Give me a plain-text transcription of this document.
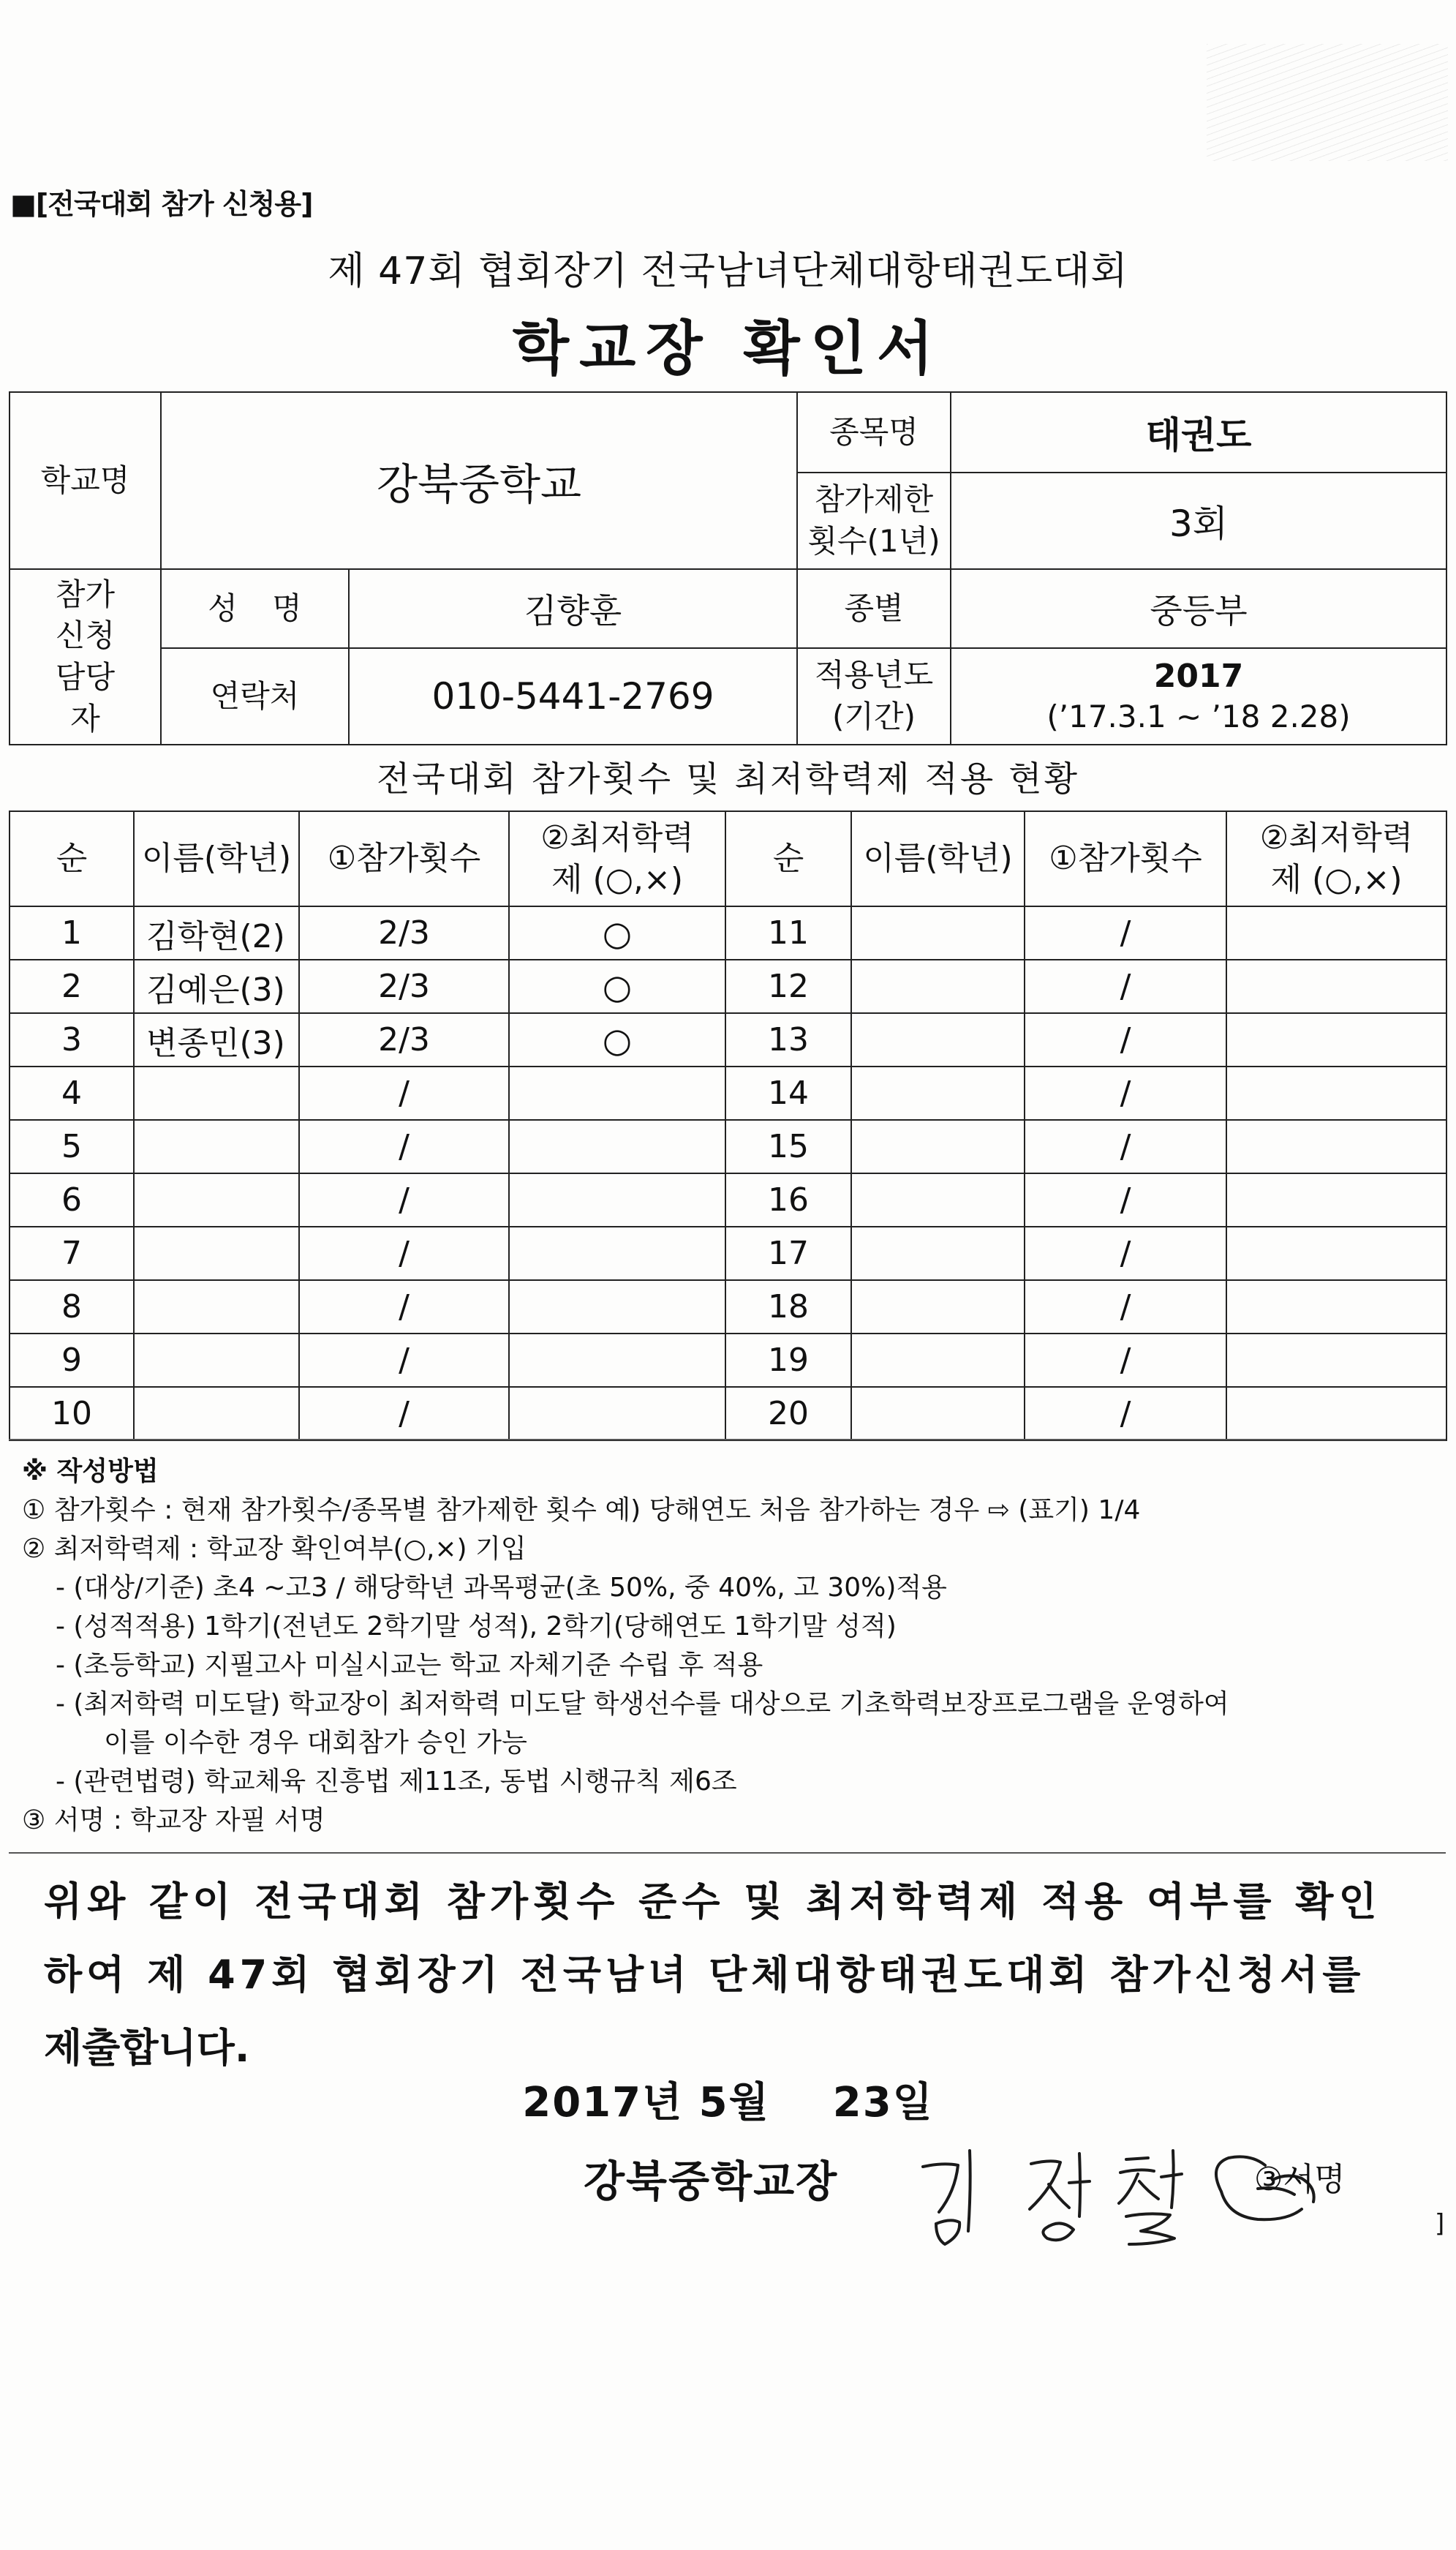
■[전국대회 참가 신청용]
제 47회 협회장기 전국남녀단체대항태권도대회
학교장 확인서
학교명	강북중학교		종목명	태권도
			참가제한 횟수(1년)	3회
참가 신청 담당자	성 명	김향훈	종별	중등부
	연락처	010-5441-2769	적용년도 (기간)	2017
(’17.3.1 ~ ’18 2.28)
전국대회 참가횟수 및 최저학력제 적용 현황
순	이름(학년)	①참가횟수	②최저학력제 (○,×)	순	이름(학년)	①참가횟수	②최저학력제 (○,×)
1	김학현(2)	2/3	○	11		/	
2	김예은(3)	2/3	○	12		/	
3	변종민(3)	2/3	○	13		/	
4		/		14		/	
5		/		15		/	
6		/		16		/	
7		/		17		/	
8		/		18		/	
9		/		19		/	
10		/		20		/	
※ 작성방법
① 참가횟수 : 현재 참가횟수/종목별 참가제한 횟수 예) 당해연도 처음 참가하는 경우 ⇨ (표기) 1/4
② 최저학력제 : 학교장 확인여부(○,×) 기입
- (대상/기준) 초4 ~고3 / 해당학년 과목평균(초 50%, 중 40%, 고 30%)적용
- (성적적용) 1학기(전년도 2학기말 성적), 2학기(당해연도 1학기말 성적)
- (초등학교) 지필고사 미실시교는 학교 자체기준 수립 후 적용
- (최저학력 미도달) 학교장이 최저학력 미도달 학생선수를 대상으로 기초학력보장프로그램을 운영하여
이를 이수한 경우 대회참가 승인 가능
- (관련법령) 학교체육 진흥법 제11조, 동법 시행규칙 제6조
③ 서명 : 학교장 자필 서명
위와 같이 전국대회 참가횟수 준수 및 최저학력제 적용 여부를 확인
하여 제 47회 협회장기 전국남녀 단체대항태권도대회 참가신청서를
제출합니다.
2017년 5월    23일
강북중학교장	③서명
]
